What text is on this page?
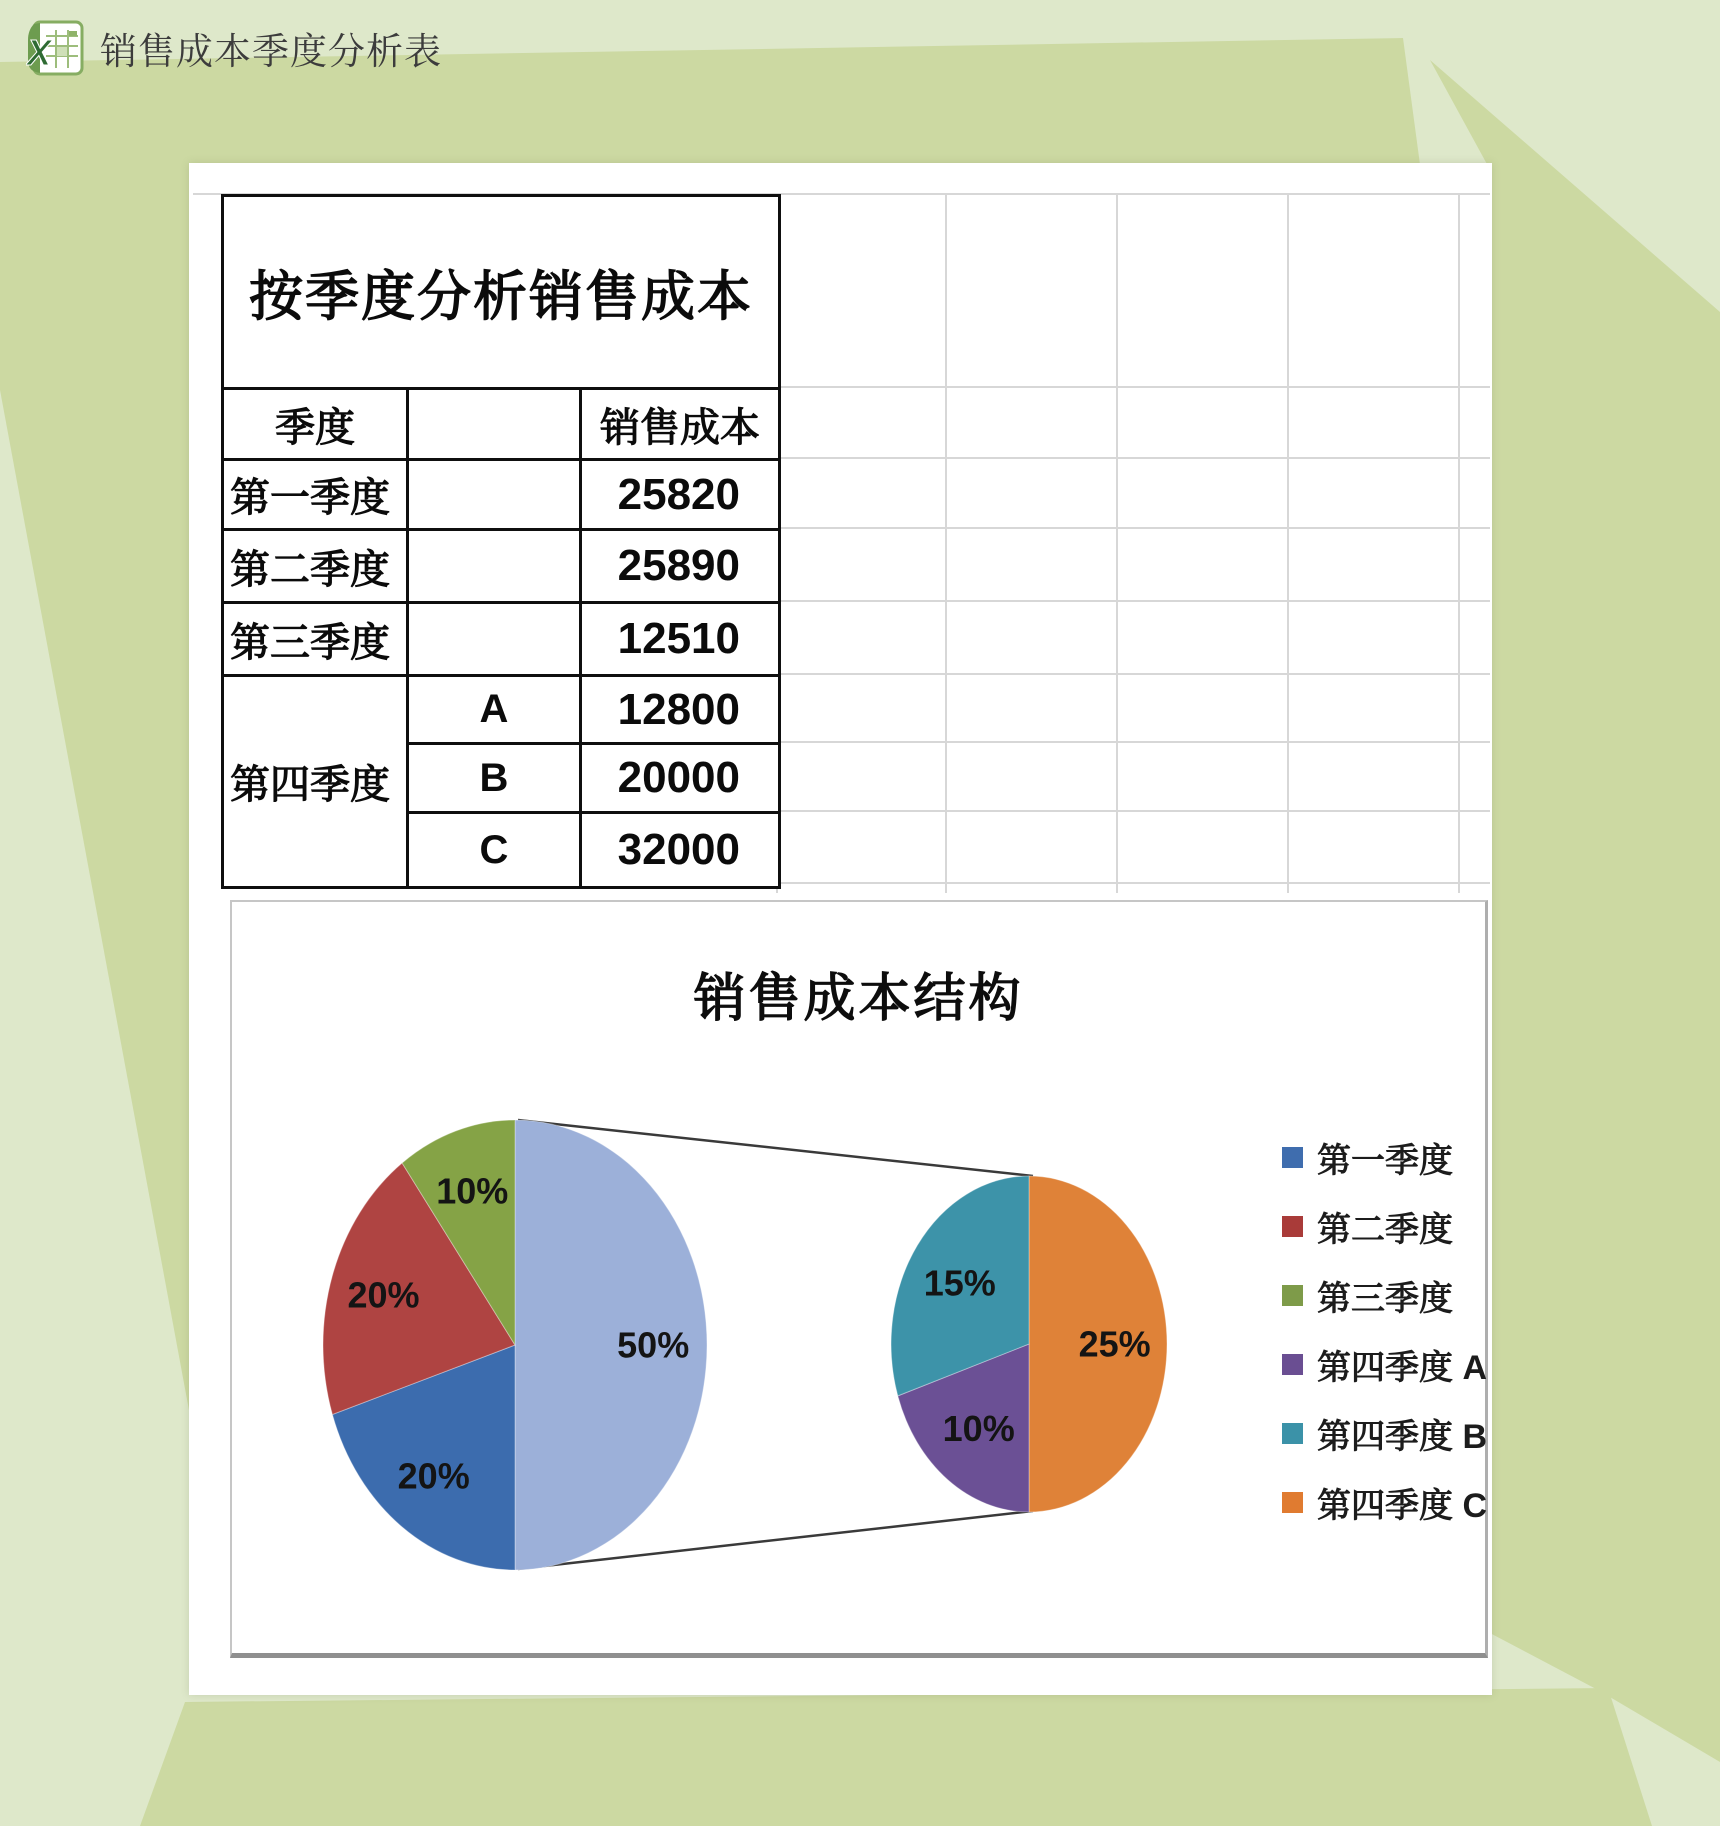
X 销售成本季度分析表
按季度分析销售成本
季度	销售成本
第一季度	25820
第二季度	25890
第三季度	12510
第四季度
A	12800
B	20000
C	32000
销售成本结构
50%
20%
20%
10%
25%
10%
15%
第一季度
第二季度
第三季度
第四季度 A
第四季度 B
第四季度 C
